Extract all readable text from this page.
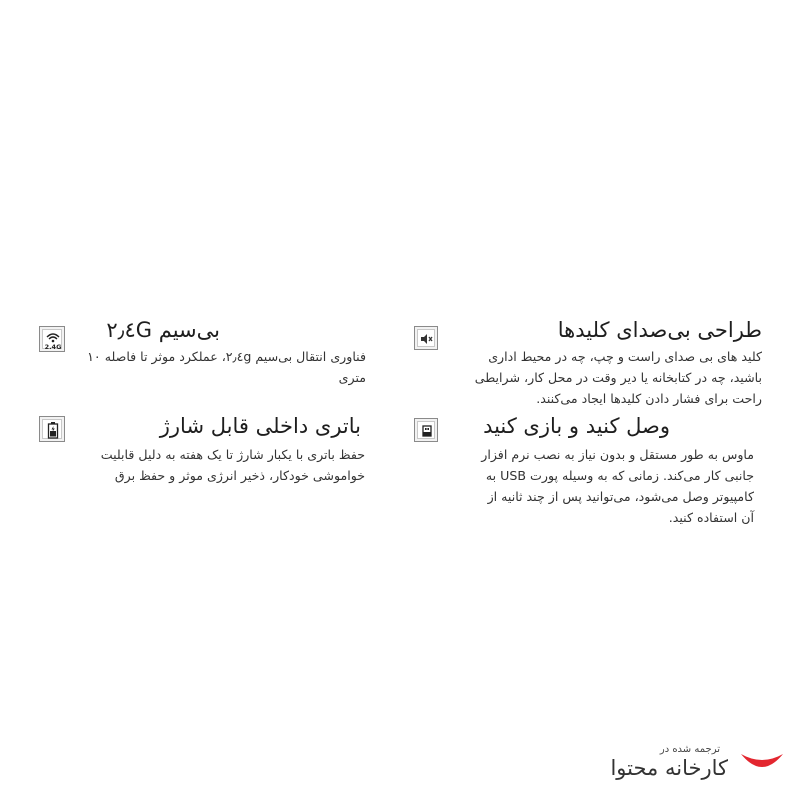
طراحی بی‌صدای کلیدها
کلید های بی صدای راست و چپ، چه در محیط اداری باشید، چه در کتابخانه یا دیر وقت در محل کار، شرایطی راحت برای فشار دادن کلیدها ایجاد می‌کنند.
بی‌سیم ۲٫٤G
فناوری انتقال بی‌سیم ۲٫٤g، عملکرد موثر تا فاصله ۱۰ متری
2.4G
وصل کنید و بازی کنید
ماوس به طور مستقل و بدون نیاز به نصب نرم افزار جانبی کار می‌کند. زمانی که به وسیله پورت USB به کامپیوتر وصل می‌شود، می‌توانید پس از چند ثانیه از آن استفاده کنید.
باتری داخلی قابل شارژ
حفظ باتری با یکبار شارژ تا یک هفته به دلیل قابلیت خواموشی خودکار، ذخیر انرژی موثر و حفظ برق
ترجمه شده در
کارخانه محتوا
